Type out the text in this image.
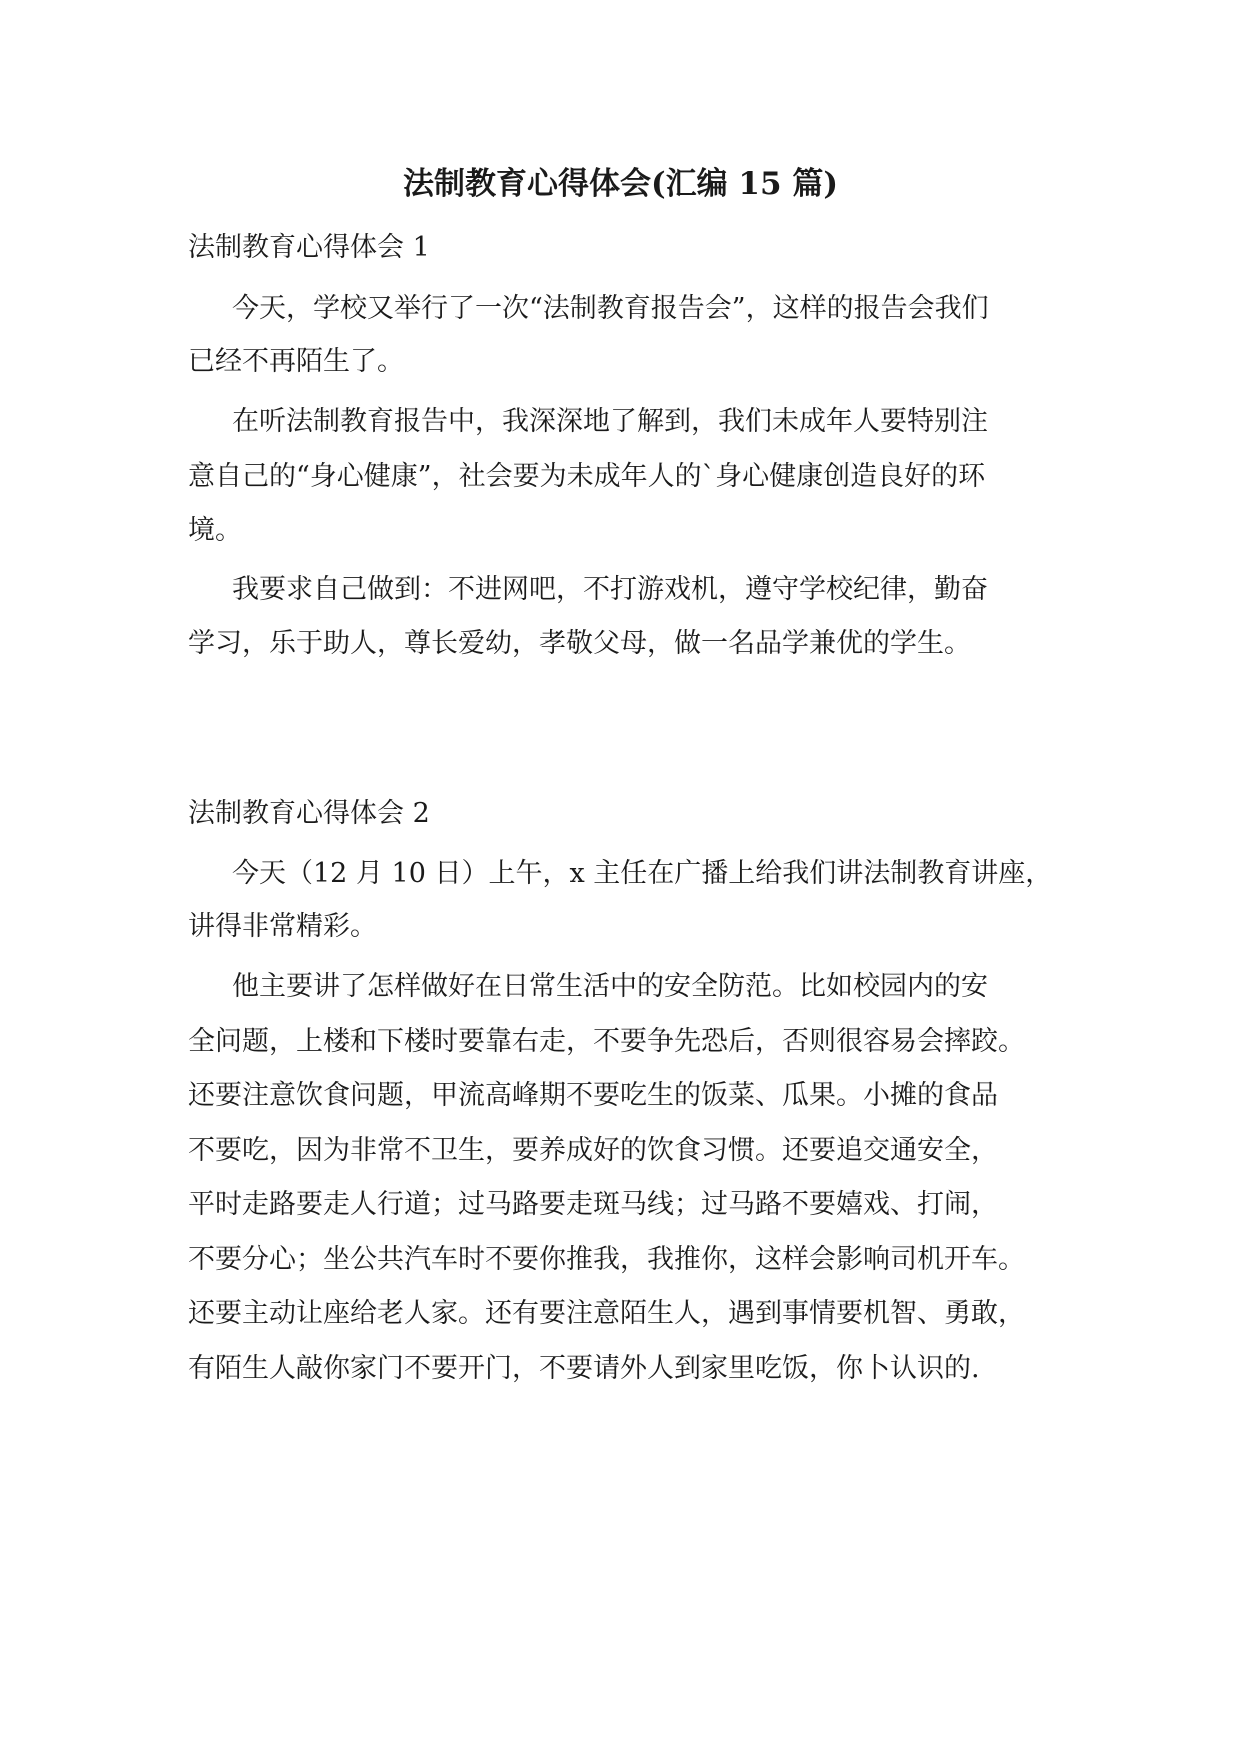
法制教育心得体会(汇编 15 篇)

法制教育心得体会 1

今天，学校又举行了一次“法制教育报告会”，这样的报告会我们

已经不再陌生了。

在听法制教育报告中，我深深地了解到，我们未成年人要特别注

意自己的“身心健康”，社会要为未成年人的`身心健康创造良好的环

境。

我要求自己做到：不进网吧，不打游戏机，遵守学校纪律，勤奋

学习，乐于助人，尊长爱幼，孝敬父母，做一名品学兼优的学生。

法制教育心得体会 2

今天（12 月 10 日）上午，x 主任在广播上给我们讲法制教育讲座，

讲得非常精彩。

他主要讲了怎样做好在日常生活中的安全防范。比如校园内的安

全问题，上楼和下楼时要靠右走，不要争先恐后，否则很容易会摔跤。

还要注意饮食问题，甲流高峰期不要吃生的饭菜、瓜果。小摊的食品

不要吃，因为非常不卫生，要养成好的饮食习惯。还要追交通安全，

平时走路要走人行道；过马路要走斑马线；过马路不要嬉戏、打闹，

不要分心；坐公共汽车时不要你推我，我推你，这样会影响司机开车。

还要主动让座给老人家。还有要注意陌生人，遇到事情要机智、勇敢，

有陌生人敲你家门不要开门，不要请外人到家里吃饭，你卜认识的.
